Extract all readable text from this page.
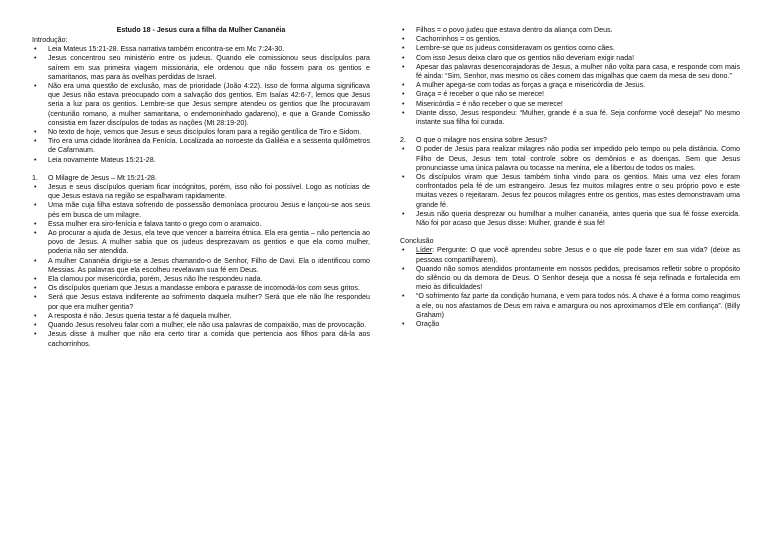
Estudo 18 - Jesus cura a filha da Mulher Cananéia
Introdução:
• Leia Mateus 15:21-28. Essa narrativa também encontra-se em Mc 7:24-30.
• Jesus concentrou seu ministério entre os judeus. Quando ele comissionou seus discípulos para saírem em sua primeira viagem missionária, ele ordenou que não fossem para os gentios e samaritanos, mas para às ovelhas perdidas de Israel.
• Não era uma questão de exclusão, mas de prioridade (João 4:22). Isso de forma alguma significava que Jesus não estava preocupado com a salvação dos gentios. Em Isaías 42:6-7, lemos que Jesus seria a luz para os gentios. Lembre-se que Jesus sempre atendeu os gentios que lhe procuravam (centurião romano, a mulher samaritana, o endemoninhado gadareno), e que a Grande Comissão consistia em fazer discípulos de todas as nações (Mt 28:19-20).
• No texto de hoje, vemos que Jesus e seus discípulos foram para a região gentílica de Tiro e Sidom.
• Tiro era uma cidade litorânea da Fenícia. Localizada ao noroeste da Galiléia e a sessenta quilômetros de Cafarnaum.
• Leia novamente Mateus 15:21-28.
1. O Milagre de Jesus – Mt 15:21-28.
• Jesus e seus discípulos queriam ficar incógnitos, porém, isso não foi possível. Logo as notícias de que Jesus estava na região se espalharam rapidamente.
• Uma mãe cuja filha estava sofrendo de possessão demoníaca procurou Jesus e lançou-se aos seus pés em busca de um milagre.
• Essa mulher era siro-fenícia e falava tanto o grego com o aramaico.
• Ao procurar a ajuda de Jesus, ela teve que vencer a barreira étnica. Ela era gentia – não pertencia ao povo de Jesus. A mulher sabia que os judeus desprezavam os gentios e que ela como mulher, poderia não ser atendida.
• A mulher Cananéia dirigiu-se a Jesus chamando-o de Senhor, Filho de Davi. Ela o identificou como Messias. As palavras que ela escolheu revelavam sua fé em Deus.
• Ela clamou por misericórdia, porém, Jesus não lhe respondeu nada.
• Os discípulos queriam que Jesus a mandasse embora e parasse de incomodá-los com seus gritos.
• Será que Jesus estava indiferente ao sofrimento daquela mulher? Será que ele não lhe respondeu por que era mulher gentia?
• A resposta é não. Jesus queria testar a fé daquela mulher.
• Quando Jesus resolveu falar com a mulher, ele não usa palavras de compaixão, mas de provocação.
• Jesus disse à mulher que não era certo tirar a comida que pertencia aos filhos para dá-la aos cachorrinhos.
• Filhos = o povo judeu que estava dentro da aliança com Deus.
• Cachorrinhos = os gentios.
• Lembre-se que os judeus consideravam os gentios como cães.
• Com isso Jesus deixa claro que os gentios não deveriam exigir nada!
• Apesar das palavras desencorajadoras de Jesus, a mulher não volta para casa, e responde com mais fé ainda: “Sim, Senhor, mas mesmo os cães comem das migalhas que caem da mesa de seu dono.”
• A mulher apega-se com todas as forças a graça e misericórdia de Jesus.
• Graça = é receber o que não se merece!
• Misericórdia = é não receber o que se merece!
• Diante disso, Jesus respondeu: “Mulher, grande é a sua fé. Seja conforme você deseja!” No mesmo instante sua filha foi curada.
2. O que o milagre nos ensina sobre Jesus?
• O poder de Jesus para realizar milagres não podia ser impedido pelo tempo ou pela distância. Como Filho de Deus, Jesus tem total controle sobre os demônios e as doenças. Sem que Jesus pronunciasse uma única palavra ou tocasse na menina, ele a libertou de todos os males.
• Os discípulos viram que Jesus também tinha vindo para os gentios. Mais uma vez eles foram confrontados pela fé de um estrangeiro. Jesus fez muitos milagres entre o seu próprio povo e este muitas vezes o rejeitaram. Jesus fez poucos milagres entre os gentios, mas estes demonstravam uma grande fé.
• Jesus não queria desprezar ou humilhar a mulher cananéia, antes queria que sua fé fosse exercida. Não foi por acaso que Jesus disse: Mulher, grande é sua fé!
Conclusão
• Líder: Pergunte: O que você aprendeu sobre Jesus e o que ele pode fazer em sua vida? (deixe as pessoas compartilharem).
• Quando não somos atendidos prontamente em nossos pedidos, precisamos refletir sobre o propósito do silêncio ou da demora de Deus. O Senhor deseja que a nossa fé seja refinada e fortalecida em meio às dificuldades!
• “O sofrimento faz parte da condição humana, e vem para todos nós. A chave é a forma como reagimos a ele, ou nos afastamos de Deus em raiva e amargura ou nos aproximamos d'Ele em confiança”. (Billy Graham)
• Oração
